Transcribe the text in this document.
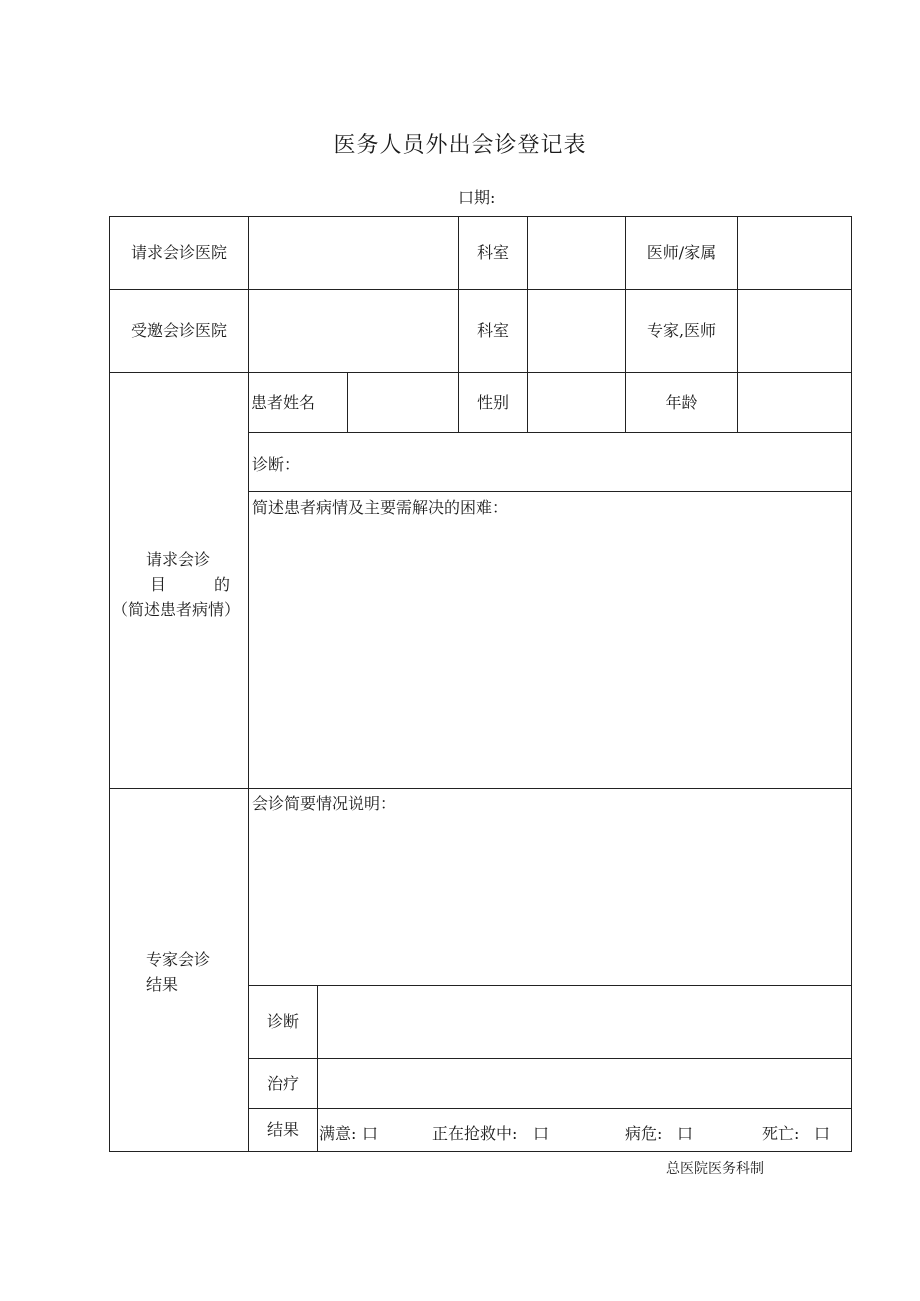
医务人员外出会诊登记表
口期:
请求会诊医院	科室	医师/家属
受邀会诊医院	科室	专家,医师
患者姓名	性别	年龄
诊断：
简述患者病情及主要需解决的困难：
请求会诊
目	的
（简述患者病情）
专家会诊
结果
会诊简要情况说明：
诊断
治疗
结果	满意: 口	正在抢救中: 口	病危: 口	死亡: 口
总医院医务科制
